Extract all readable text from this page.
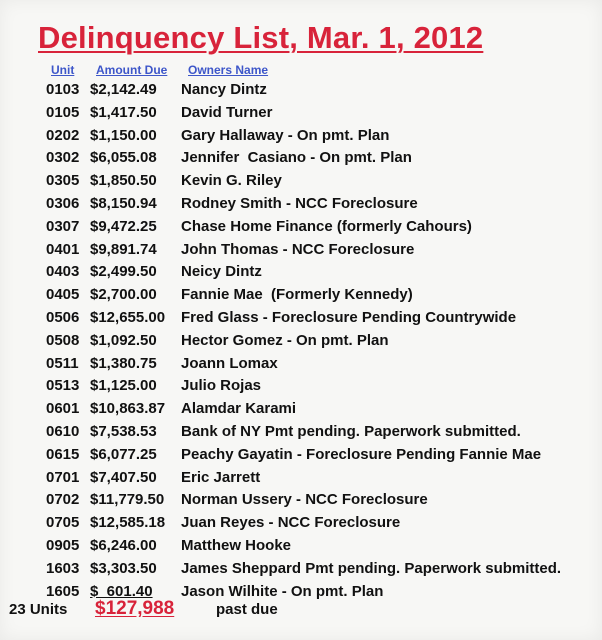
Delinquency List, Mar. 1, 2012
Unit Amount Due Owners Name
0103 $2,142.49 Nancy Dintz
0105 $1,417.50 David Turner
0202 $1,150.00 Gary Hallaway - On pmt. Plan
0302 $6,055.08 Jennifer  Casiano - On pmt. Plan
0305 $1,850.50 Kevin G. Riley
0306 $8,150.94 Rodney Smith - NCC Foreclosure
0307 $9,472.25 Chase Home Finance (formerly Cahours)
0401 $9,891.74 John Thomas - NCC Foreclosure
0403 $2,499.50 Neicy Dintz
0405 $2,700.00 Fannie Mae  (Formerly Kennedy)
0506 $12,655.00 Fred Glass - Foreclosure Pending Countrywide
0508 $1,092.50 Hector Gomez - On pmt. Plan
0511 $1,380.75 Joann Lomax
0513 $1,125.00 Julio Rojas
0601 $10,863.87 Alamdar Karami
0610 $7,538.53 Bank of NY Pmt pending. Paperwork submitted.
0615 $6,077.25 Peachy Gayatin - Foreclosure Pending Fannie Mae
0701 $7,407.50 Eric Jarrett
0702 $11,779.50 Norman Ussery - NCC Foreclosure
0705 $12,585.18 Juan Reyes - NCC Foreclosure
0905 $6,246.00 Matthew Hooke
1603 $3,303.50 James Sheppard Pmt pending. Paperwork submitted.
1605 $  601.40 Jason Wilhite - On pmt. Plan
23 Units $127,988	past due
